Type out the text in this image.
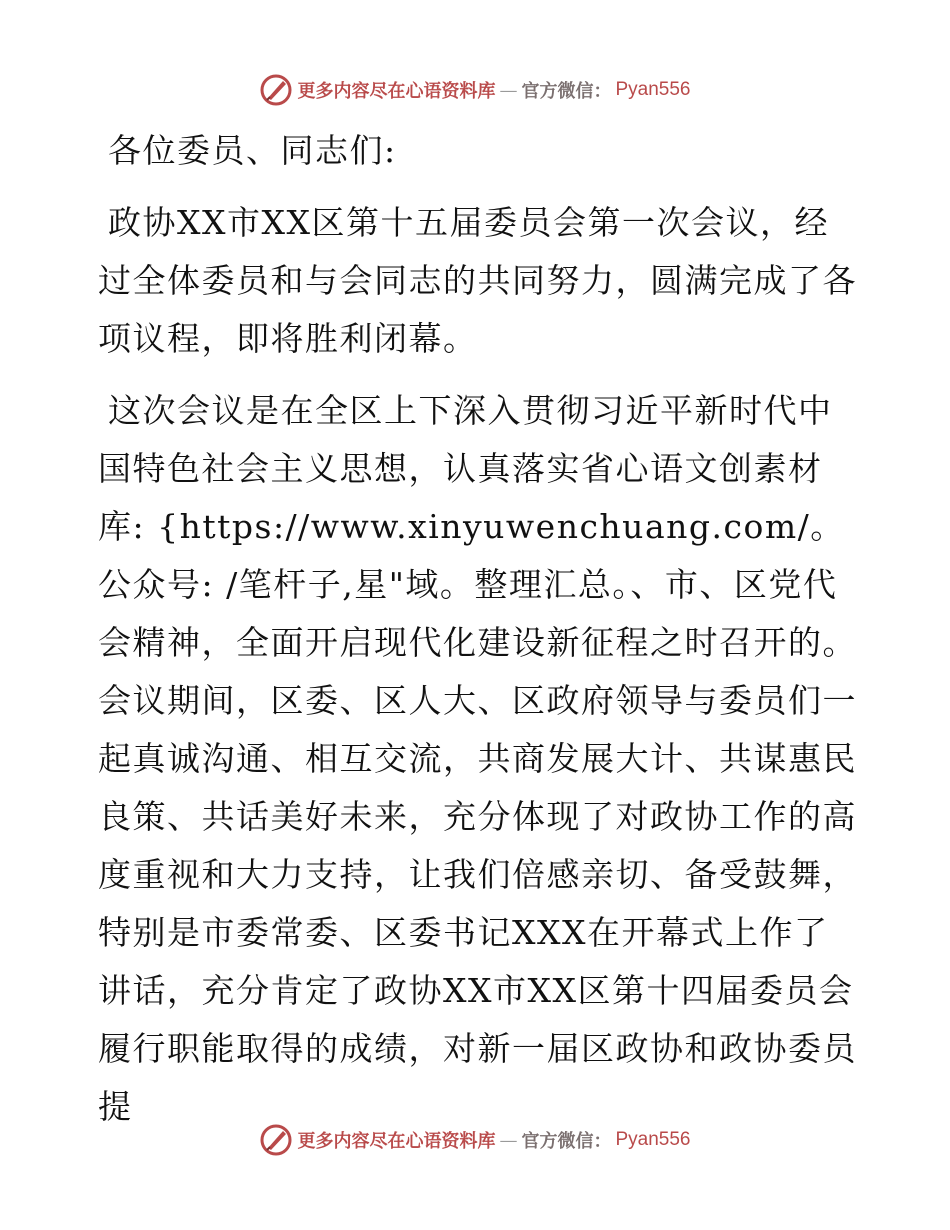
更多内容尽在心语资料库 — 官方微信： Pyan556

各位委员、同志们:

政协XX市XX区第十五届委员会第一次会议，经过全体委员和与会同志的共同努力，圆满完成了各项议程，即将胜利闭幕。

这次会议是在全区上下深入贯彻习近平新时代中国特色社会主义思想，认真落实省心语文创素材库: {https://www.xinyuwenchuang.com/。公众号: /笔杆子,星"域。整理汇总。、市、区党代会精神，全面开启现代化建设新征程之时召开的。会议期间，区委、区人大、区政府领导与委员们一起真诚沟通、相互交流，共商发展大计、共谋惠民良策、共话美好未来，充分体现了对政协工作的高度重视和大力支持，让我们倍感亲切、备受鼓舞，特别是市委常委、区委书记XXX在开幕式上作了讲话，充分肯定了政协XX市XX区第十四届委员会履行职能取得的成绩，对新一届区政协和政协委员提

更多内容尽在心语资料库 — 官方微信： Pyan556
